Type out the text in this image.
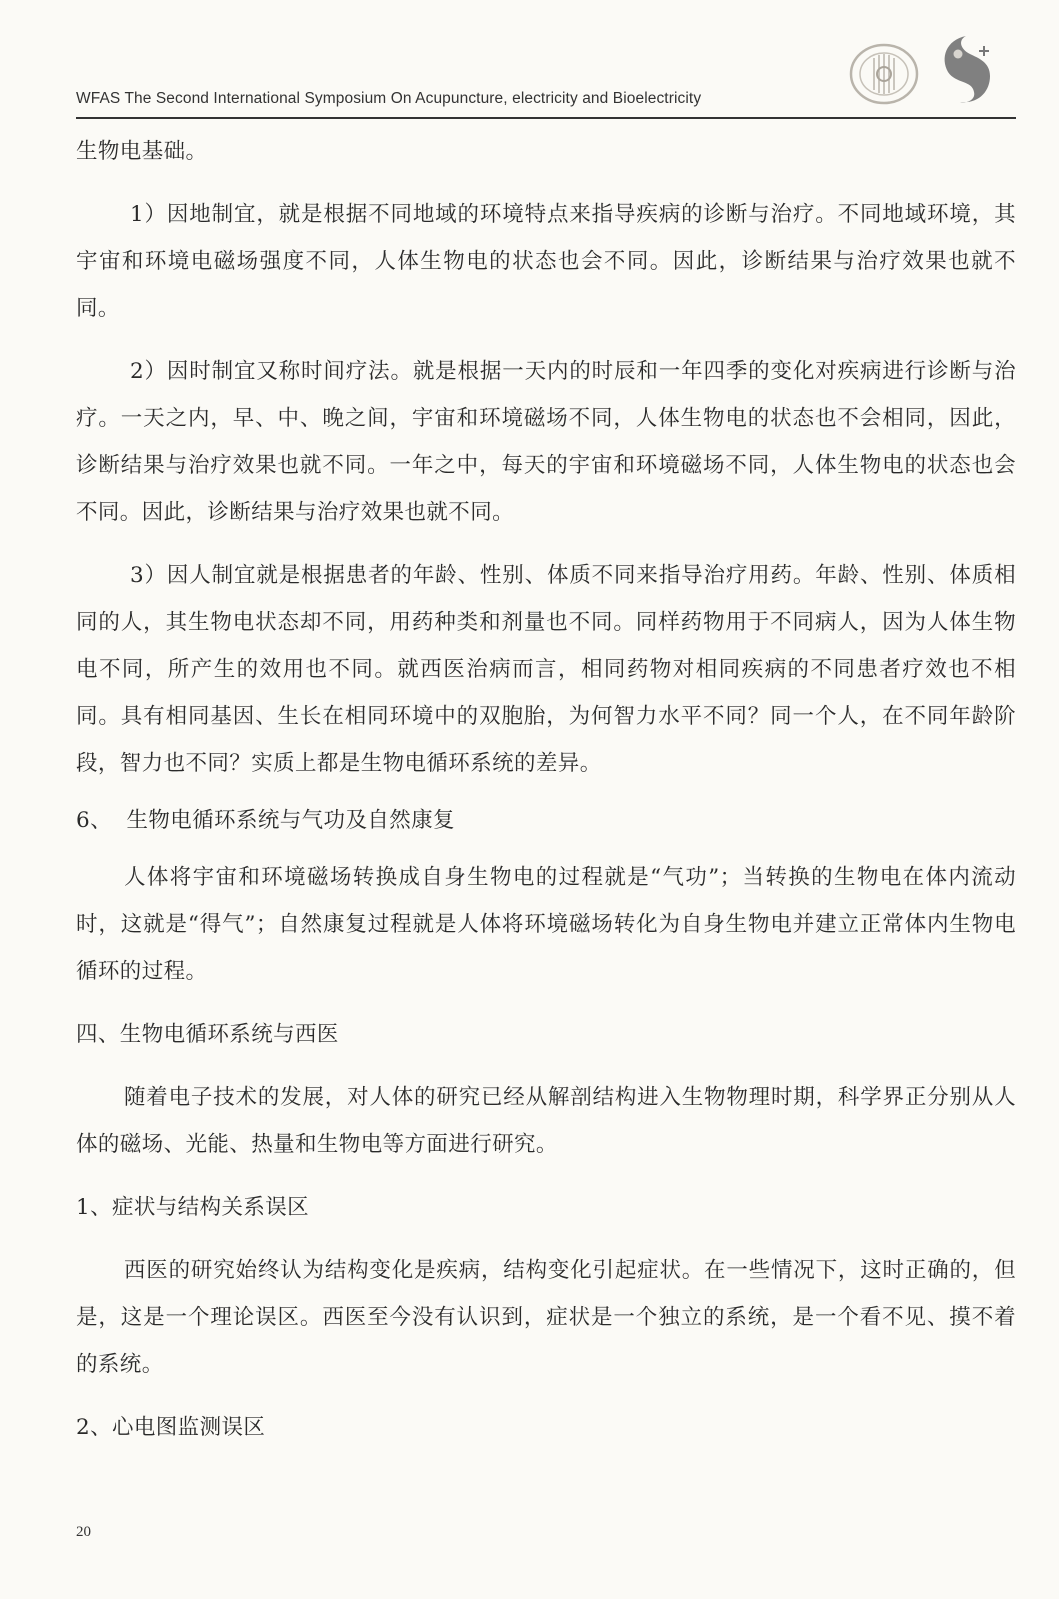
WFAS The Second International Symposium On Acupuncture, electricity and Bioelectricity

生物电基础。

1）因地制宜，就是根据不同地域的环境特点来指导疾病的诊断与治疗。不同地域环境，其宇宙和环境电磁场强度不同，人体生物电的状态也会不同。因此，诊断结果与治疗效果也就不同。

2）因时制宜又称时间疗法。就是根据一天内的时辰和一年四季的变化对疾病进行诊断与治疗。一天之内，早、中、晚之间，宇宙和环境磁场不同，人体生物电的状态也不会相同，因此，诊断结果与治疗效果也就不同。一年之中，每天的宇宙和环境磁场不同，人体生物电的状态也会不同。因此，诊断结果与治疗效果也就不同。

3）因人制宜就是根据患者的年龄、性别、体质不同来指导治疗用药。年龄、性别、体质相同的人，其生物电状态却不同，用药种类和剂量也不同。同样药物用于不同病人，因为人体生物电不同，所产生的效用也不同。就西医治病而言，相同药物对相同疾病的不同患者疗效也不相同。具有相同基因、生长在相同环境中的双胞胎，为何智力水平不同？同一个人，在不同年龄阶段，智力也不同？实质上都是生物电循环系统的差异。

6、  生物电循环系统与气功及自然康复

人体将宇宙和环境磁场转换成自身生物电的过程就是“气功”；当转换的生物电在体内流动时，这就是“得气”；自然康复过程就是人体将环境磁场转化为自身生物电并建立正常体内生物电循环的过程。

四、生物电循环系统与西医

随着电子技术的发展，对人体的研究已经从解剖结构进入生物物理时期，科学界正分别从人体的磁场、光能、热量和生物电等方面进行研究。

1、症状与结构关系误区

西医的研究始终认为结构变化是疾病，结构变化引起症状。在一些情况下，这时正确的，但是，这是一个理论误区。西医至今没有认识到，症状是一个独立的系统，是一个看不见、摸不着的系统。

2、心电图监测误区

20
